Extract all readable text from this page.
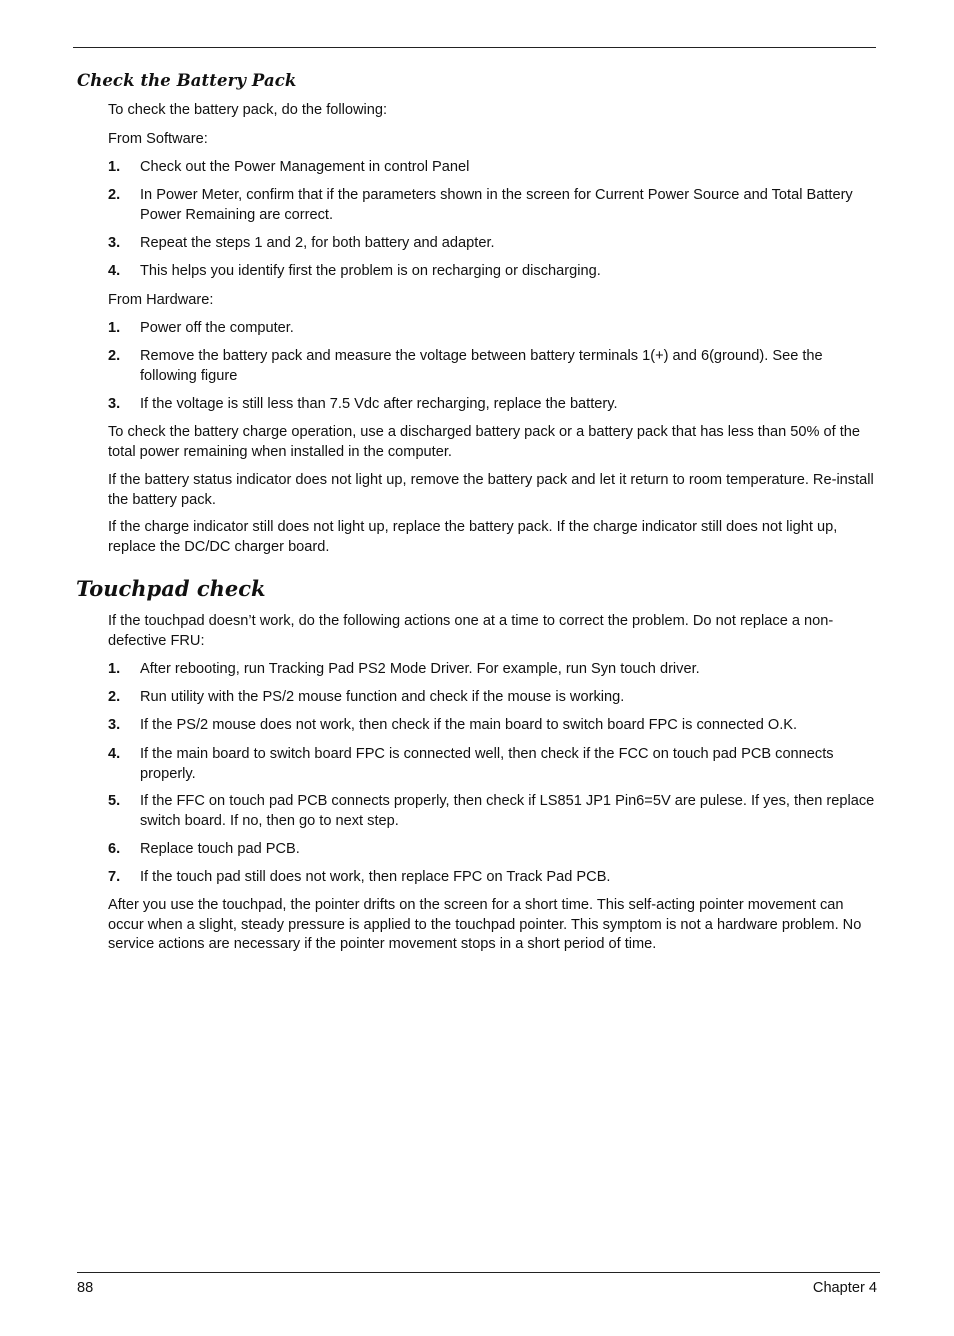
Check the Battery Pack

To check the battery pack, do the following:

From Software:

1.	Check out the Power Management in control Panel
2.	In Power Meter, confirm that if the parameters shown in the screen for Current Power Source and Total Battery Power Remaining are correct.
3.	Repeat the steps 1 and 2, for both battery and adapter.
4.	This helps you identify first the problem is on recharging or discharging.

From Hardware:

1.	Power off the computer.
2.	Remove the battery pack and measure the voltage between battery terminals 1(+) and 6(ground). See the following figure
3.	If the voltage is still less than 7.5 Vdc after recharging, replace the battery.

To check the battery charge operation, use a discharged battery pack or a battery pack that has less than 50% of the total power remaining when installed in the computer.

If the battery status indicator does not light up, remove the battery pack and let it return to room temperature. Re-install the battery pack.

If the charge indicator still does not light up, replace the battery pack. If the charge indicator still does not light up, replace the DC/DC charger board.

Touchpad check

If the touchpad doesn’t work, do the following actions one at a time to correct the problem. Do not replace a non-defective FRU:

1.	After rebooting, run Tracking Pad PS2 Mode Driver. For example, run Syn touch driver.
2.	Run utility with the PS/2 mouse function and check if the mouse is working.
3.	If the PS/2 mouse does not work, then check if the main board to switch board FPC is connected O.K.
4.	If the main board to switch board FPC is connected well, then check if the FCC on touch pad PCB connects properly.
5.	If the FFC on touch pad PCB connects properly, then check if LS851 JP1 Pin6=5V are pulese. If yes, then replace switch board. If no, then go to next step.
6.	Replace touch pad PCB.
7.	If the touch pad still does not work, then replace FPC on Track Pad PCB.

After you use the touchpad, the pointer drifts on the screen for a short time. This self-acting pointer movement can occur when a slight, steady pressure is applied to the touchpad pointer. This symptom is not a hardware problem. No service actions are necessary if the pointer movement stops in a short period of time.

88	Chapter 4
